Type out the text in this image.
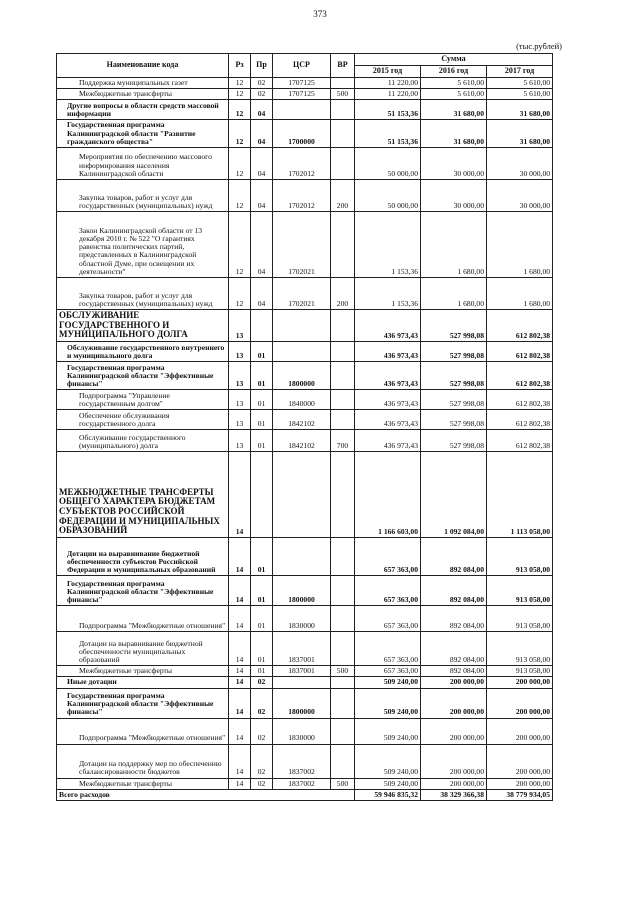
373
(тыс.рублей)
Наименование кода	Рз	Пр	ЦСР	ВР	Сумма		
					2015 год	2016 год	2017 год
Поддержка муниципальных газет	12	02	1707125		11 220,00	5 610,00	5 610,00
Межбюджетные трансферты	12	02	1707125	500	11 220,00	5 610,00	5 610,00
Другие вопросы в области средств массовой информации	12	04			51 153,36	31 680,00	31 680,00
Государственная программа Калининградской области "Развитие гражданского общества"	12	04	1700000		51 153,36	31 680,00	31 680,00
Мероприятия по обеспечению массового информирования населения Калининградской области	12	04	1702012		50 000,00	30 000,00	30 000,00
Закупка товаров, работ и услуг для государственных (муниципальных) нужд	12	04	1702012	200	50 000,00	30 000,00	30 000,00
Закон Калининградской области от 13 декабря 2010 г. № 522 "О гарантиях равенства политических партий, представленных в Калининградской областной Думе, при освещении их деятельности"	12	04	1702021		1 153,36	1 680,00	1 680,00
Закупка товаров, работ и услуг для государственных (муниципальных) нужд	12	04	1702021	200	1 153,36	1 680,00	1 680,00
ОБСЛУЖИВАНИЕ ГОСУДАРСТВЕННОГО И МУНИЦИПАЛЬНОГО ДОЛГА	13				436 973,43	527 998,08	612 802,38
Обслуживание государственного внутреннего и муниципального долга	13	01			436 973,43	527 998,08	612 802,38
Государственная программа Калининградской области "Эффективные финансы"	13	01	1800000		436 973,43	527 998,08	612 802,38
Подпрограмма "Управление государственным долгом"	13	01	1840000		436 973,43	527 998,08	612 802,38
Обеспечение обслуживания государственного долга	13	01	1842102		436 973,43	527 998,08	612 802,38
Обслуживание государственного (муниципального) долга	13	01	1842102	700	436 973,43	527 998,08	612 802,38
МЕЖБЮДЖЕТНЫЕ ТРАНСФЕРТЫ ОБЩЕГО ХАРАКТЕРА БЮДЖЕТАМ СУБЪЕКТОВ РОССИЙСКОЙ ФЕДЕРАЦИИ И МУНИЦИПАЛЬНЫХ ОБРАЗОВАНИЙ	14				1 166 603,00	1 092 084,00	1 113 058,00
Дотации на выравнивание бюджетной обеспеченности субъектов Российской Федерации и муниципальных образований	14	01			657 363,00	892 084,00	913 058,00
Государственная программа Калининградской области "Эффективные финансы"	14	01	1800000		657 363,00	892 084,00	913 058,00
Подпрограмма "Межбюджетные отношения"	14	01	1830000		657 363,00	892 084,00	913 058,00
Дотации на выравнивание бюджетной обеспеченности муниципальных образований	14	01	1837001		657 363,00	892 084,00	913 058,00
Межбюджетные трансферты	14	01	1837001	500	657 363,00	892 084,00	913 058,00
Иные дотации	14	02			509 240,00	200 000,00	200 000,00
Государственная программа Калининградской области "Эффективные финансы"	14	02	1800000		509 240,00	200 000,00	200 000,00
Подпрограмма "Межбюджетные отношения"	14	02	1830000		509 240,00	200 000,00	200 000,00
Дотации на поддержку мер по обеспечению сбалансированности бюджетов	14	02	1837002		509 240,00	200 000,00	200 000,00
Межбюджетные трансферты	14	02	1837002	500	509 240,00	200 000,00	200 000,00
Всего расходов					59 946 835,32	38 329 366,38	38 779 934,05
